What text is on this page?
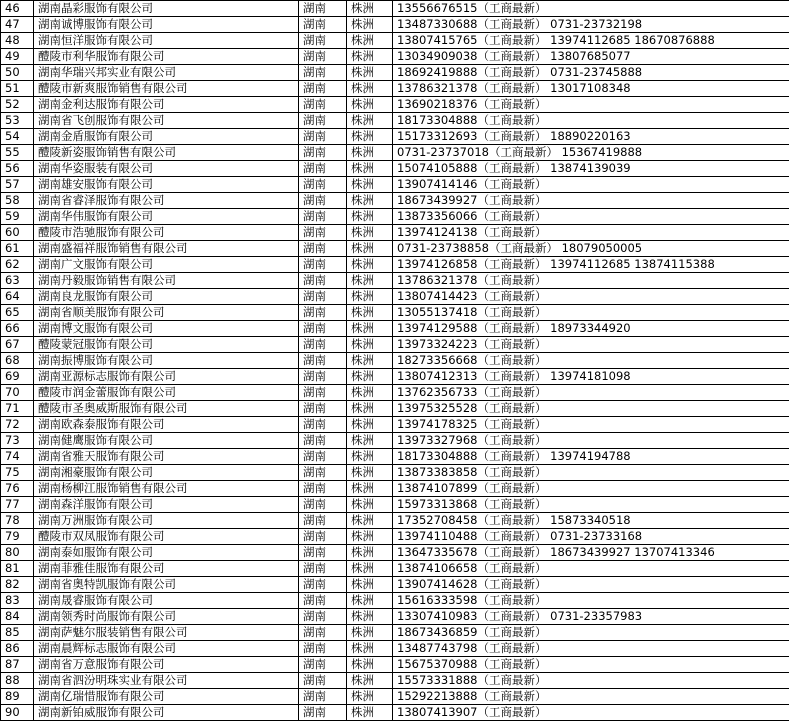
46	湖南晶彩服饰有限公司	湖南	株洲	13556676515（工商最新）
47	湖南诚博服饰有限公司	湖南	株洲	13487330688（工商最新） 0731-23732198
48	湖南恒洋服饰有限公司	湖南	株洲	13807415765（工商最新） 13974112685 18670876888
49	醴陵市利华服饰有限公司	湖南	株洲	13034909038（工商最新） 13807685077
50	湖南华瑞兴邦实业有限公司	湖南	株洲	18692419888（工商最新） 0731-23745888
51	醴陵市新爽服饰销售有限公司	湖南	株洲	13786321378（工商最新） 13017108348
52	湖南金利达服饰有限公司	湖南	株洲	13690218376（工商最新）
53	湖南省飞创服饰有限公司	湖南	株洲	18173304888（工商最新）
54	湖南金盾服饰有限公司	湖南	株洲	15173312693（工商最新） 18890220163
55	醴陵新姿服饰销售有限公司	湖南	株洲	0731-23737018（工商最新） 15367419888
56	湖南华姿服装有限公司	湖南	株洲	15074105888（工商最新） 13874139039
57	湖南雄安服饰有限公司	湖南	株洲	13907414146（工商最新）
58	湖南省睿泽服饰有限公司	湖南	株洲	18673439927（工商最新）
59	湖南华伟服饰有限公司	湖南	株洲	13873356066（工商最新）
60	醴陵市浩驰服饰有限公司	湖南	株洲	13974124138（工商最新）
61	湖南盛福祥服饰销售有限公司	湖南	株洲	0731-23738858（工商最新） 18079050005
62	湖南广文服饰有限公司	湖南	株洲	13974126858（工商最新） 13974112685 13874115388
63	湖南丹毅服饰销售有限公司	湖南	株洲	13786321378（工商最新）
64	湖南良龙服饰有限公司	湖南	株洲	13807414423（工商最新）
65	湖南省顺美服饰有限公司	湖南	株洲	13055137418（工商最新）
66	湖南博文服饰有限公司	湖南	株洲	13974129588（工商最新） 18973344920
67	醴陵蒙冠服饰有限公司	湖南	株洲	13973324223（工商最新）
68	湖南振博服饰有限公司	湖南	株洲	18273356668（工商最新）
69	湖南亚源标志服饰有限公司	湖南	株洲	13807412313（工商最新） 13974181098
70	醴陵市润金蕾服饰有限公司	湖南	株洲	13762356733（工商最新）
71	醴陵市圣奥威斯服饰有限公司	湖南	株洲	13975325528（工商最新）
72	湖南欧森泰服饰有限公司	湖南	株洲	13974178325（工商最新）
73	湖南健鹰服饰有限公司	湖南	株洲	13973327968（工商最新）
74	湖南省雅天服饰有限公司	湖南	株洲	18173304888（工商最新） 13974194788
75	湖南湘豪服饰有限公司	湖南	株洲	13873383858（工商最新）
76	湖南杨柳江服饰销售有限公司	湖南	株洲	13874107899（工商最新）
77	湖南森洋服饰有限公司	湖南	株洲	15973313868（工商最新）
78	湖南万洲服饰有限公司	湖南	株洲	17352708458（工商最新） 15873340518
79	醴陵市双凤服饰有限公司	湖南	株洲	13974110488（工商最新） 0731-23733168
80	湖南泰如服饰有限公司	湖南	株洲	13647335678（工商最新） 18673439927 13707413346
81	湖南菲雅佳服饰有限公司	湖南	株洲	13874106658（工商最新）
82	湖南省奥特凯服饰有限公司	湖南	株洲	13907414628（工商最新）
83	湖南晟睿服饰有限公司	湖南	株洲	15616333598（工商最新）
84	湖南领秀时尚服饰有限公司	湖南	株洲	13307410983（工商最新） 0731-23357983
85	湖南萨魅尔服装销售有限公司	湖南	株洲	18673436859（工商最新）
86	湖南晨辉标志服饰有限公司	湖南	株洲	13487743798（工商最新）
87	湖南省万意服饰有限公司	湖南	株洲	15675370988（工商最新）
88	湖南省泗汾明珠实业有限公司	湖南	株洲	15573331888（工商最新）
89	湖南亿瑞惜服饰有限公司	湖南	株洲	15292213888（工商最新）
90	湖南新铂威服饰有限公司	湖南	株洲	13807413907（工商最新）
